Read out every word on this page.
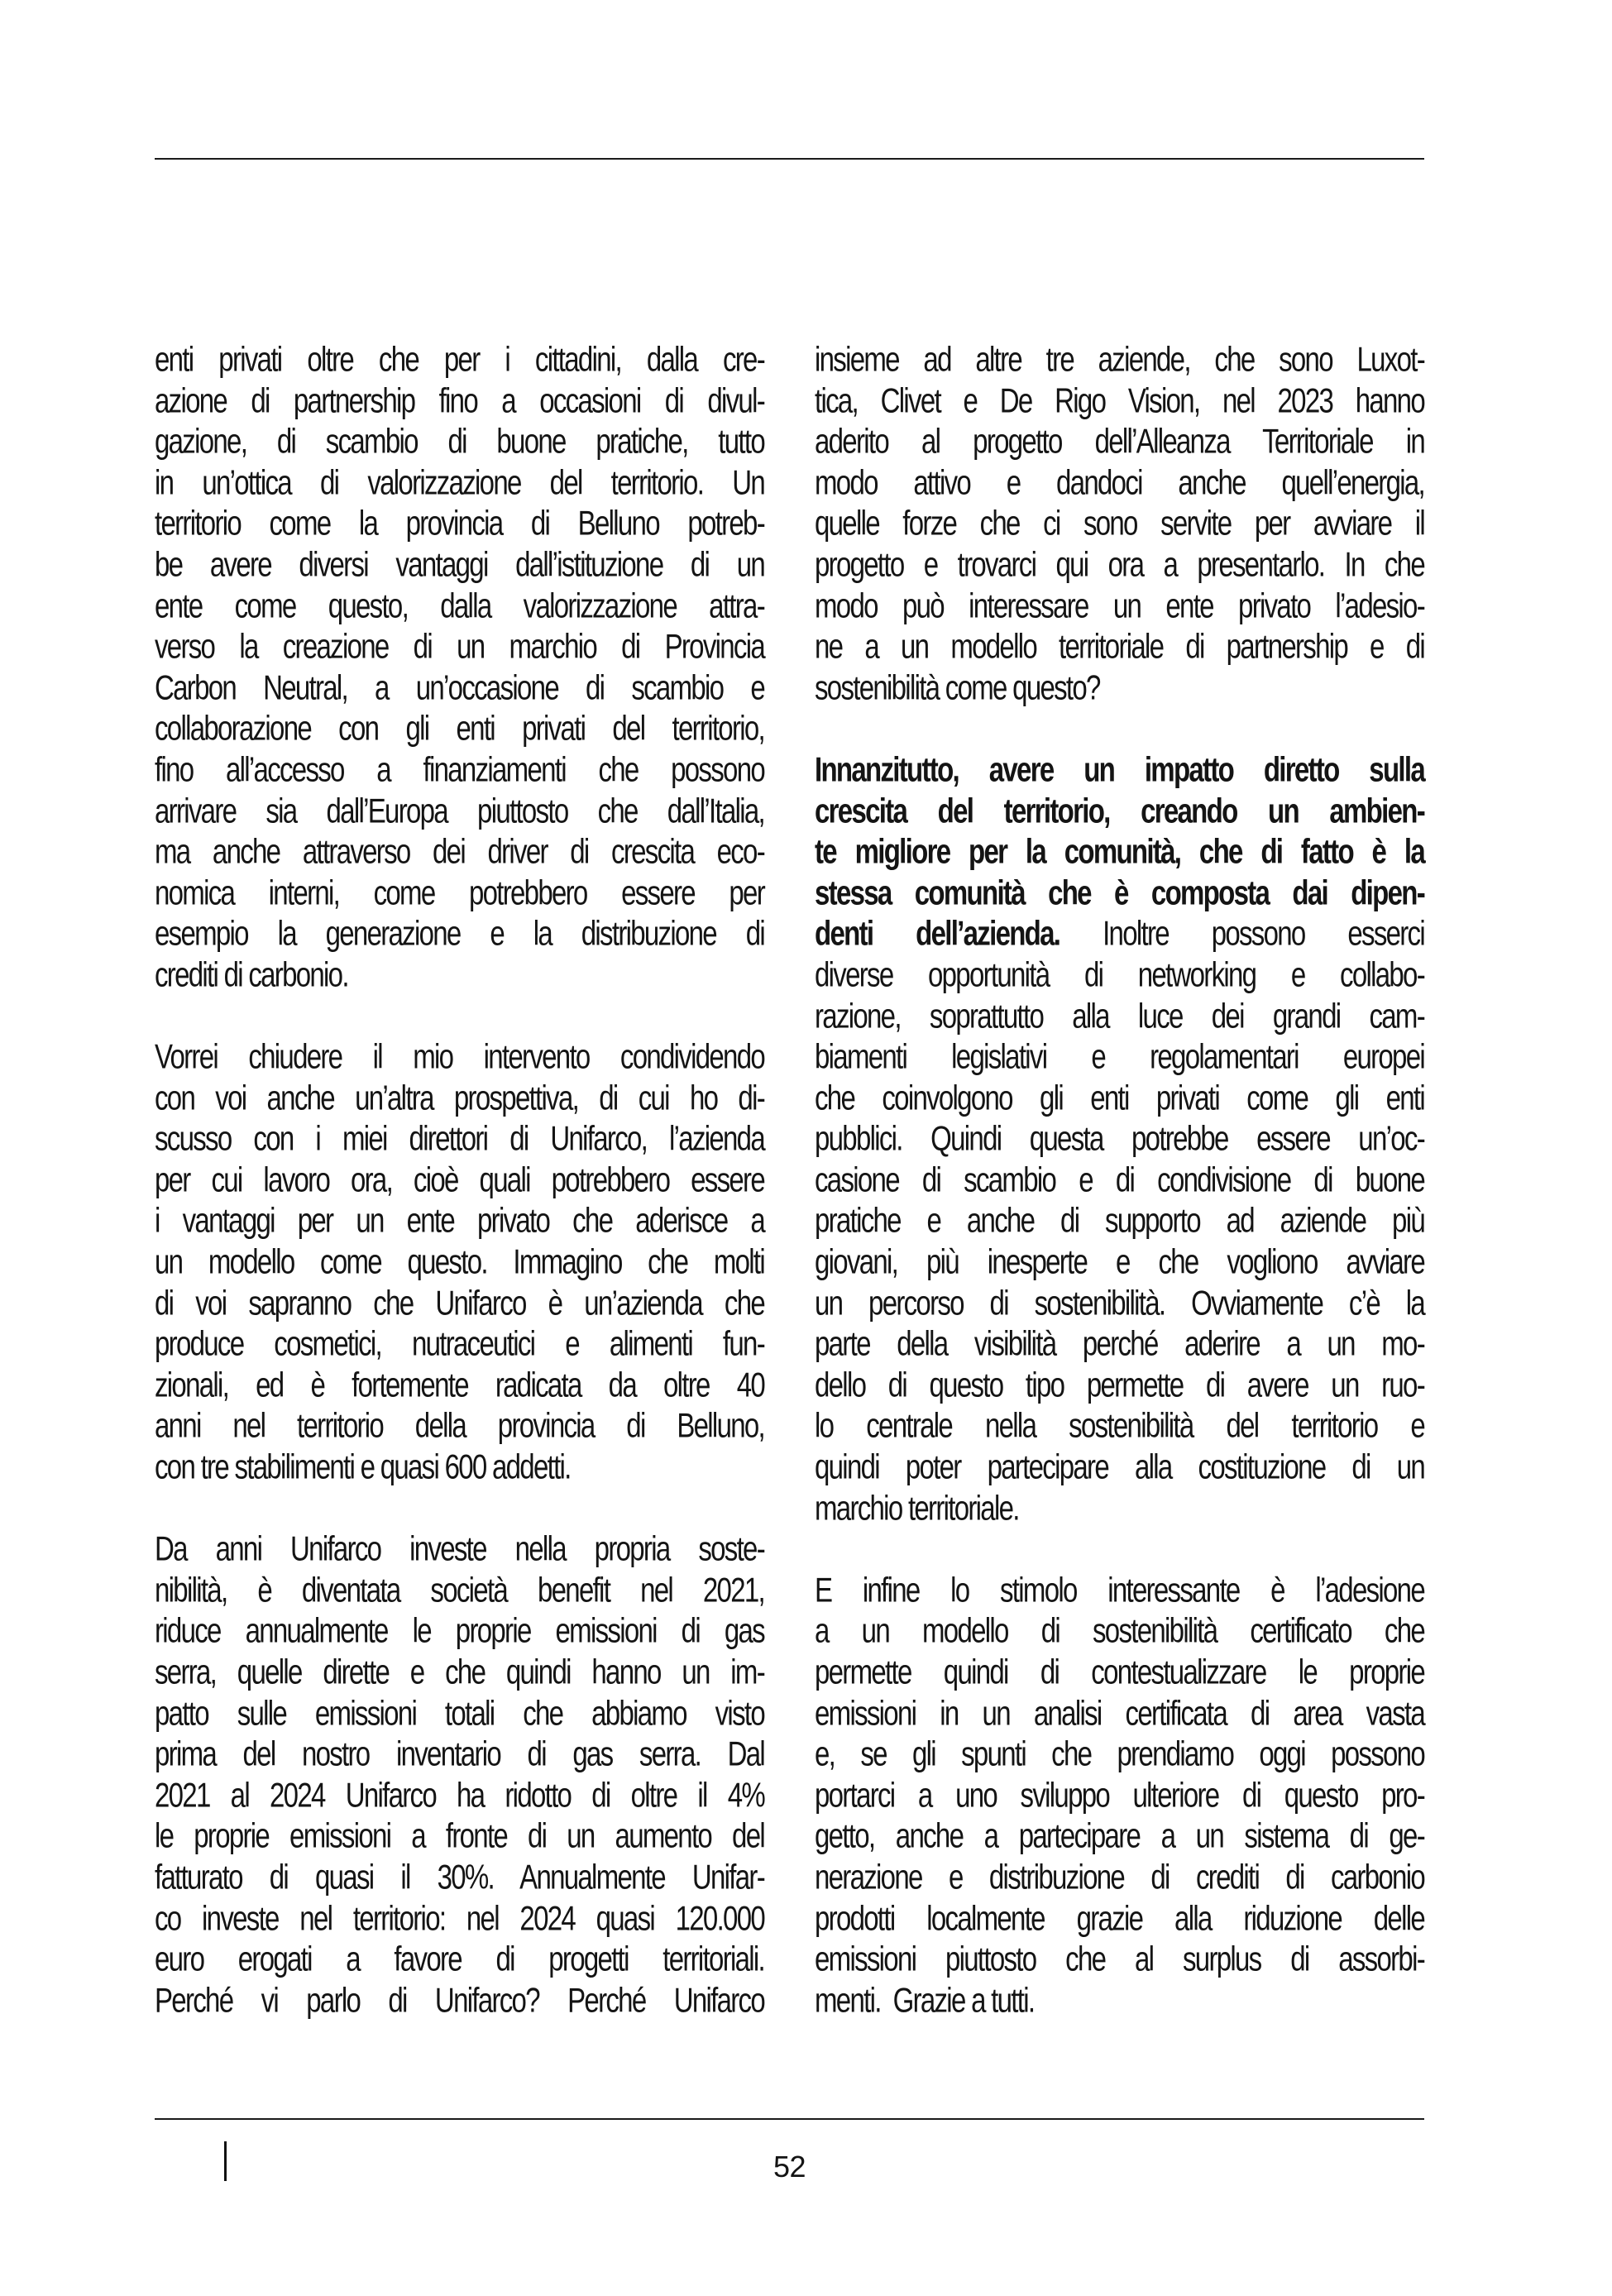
enti privati oltre che per i cittadini, dalla cre-
azione di partnership fino a occasioni di divul-
gazione, di scambio di buone pratiche, tutto
in un’ottica di valorizzazione del territorio. Un
territorio come la provincia di Belluno potreb-
be avere diversi vantaggi dall’istituzione di un
ente come questo, dalla valorizzazione attra-
verso la creazione di un marchio di Provincia
Carbon Neutral, a un’occasione di scambio e
collaborazione con gli enti privati del territorio,
fino all’accesso a finanziamenti che possono
arrivare sia dall’Europa piuttosto che dall’Italia,
ma anche attraverso dei driver di crescita eco-
nomica interni, come potrebbero essere per
esempio la generazione e la distribuzione di
crediti di carbonio.
Vorrei chiudere il mio intervento condividendo
con voi anche un’altra prospettiva, di cui ho di-
scusso con i miei direttori di Unifarco, l’azienda
per cui lavoro ora, cioè quali potrebbero essere
i vantaggi per un ente privato che aderisce a
un modello come questo. Immagino che molti
di voi sapranno che Unifarco è un’azienda che
produce cosmetici, nutraceutici e alimenti fun-
zionali, ed è fortemente radicata da oltre 40
anni nel territorio della provincia di Belluno,
con tre stabilimenti e quasi 600 addetti.
Da anni Unifarco investe nella propria soste-
nibilità, è diventata società benefit nel 2021,
riduce annualmente le proprie emissioni di gas
serra, quelle dirette e che quindi hanno un im-
patto sulle emissioni totali che abbiamo visto
prima del nostro inventario di gas serra. Dal
2021 al 2024 Unifarco ha ridotto di oltre il 4%
le proprie emissioni a fronte di un aumento del
fatturato di quasi il 30%. Annualmente Unifar-
co investe nel territorio: nel 2024 quasi 120.000
euro erogati a favore di progetti territoriali.
Perché vi parlo di Unifarco? Perché Unifarco
insieme ad altre tre aziende, che sono Luxot-
tica, Clivet e De Rigo Vision, nel 2023 hanno
aderito al progetto dell’Alleanza Territoriale in
modo attivo e dandoci anche quell’energia,
quelle forze che ci sono servite per avviare il
progetto e trovarci qui ora a presentarlo. In che
modo può interessare un ente privato l’adesio-
ne a un modello territoriale di partnership e di
sostenibilità come questo?
Innanzitutto, avere un impatto diretto sulla
crescita del territorio, creando un ambien-
te migliore per la comunità, che di fatto è la
stessa comunità che è composta dai dipen-
denti dell’azienda. Inoltre possono esserci
diverse opportunità di networking e collabo-
razione, soprattutto alla luce dei grandi cam-
biamenti legislativi e regolamentari europei
che coinvolgono gli enti privati come gli enti
pubblici. Quindi questa potrebbe essere un’oc-
casione di scambio e di condivisione di buone
pratiche e anche di supporto ad aziende più
giovani, più inesperte e che vogliono avviare
un percorso di sostenibilità. Ovviamente c’è la
parte della visibilità perché aderire a un mo-
dello di questo tipo permette di avere un ruo-
lo centrale nella sostenibilità del territorio e
quindi poter partecipare alla costituzione di un
marchio territoriale.
E infine lo stimolo interessante è l’adesione
a un modello di sostenibilità certificato che
permette quindi di contestualizzare le proprie
emissioni in un analisi certificata di area vasta
e, se gli spunti che prendiamo oggi possono
portarci a uno sviluppo ulteriore di questo pro-
getto, anche a partecipare a un sistema di ge-
nerazione e distribuzione di crediti di carbonio
prodotti localmente grazie alla riduzione delle
emissioni piuttosto che al surplus di assorbi-
menti.  Grazie a tutti.
52
